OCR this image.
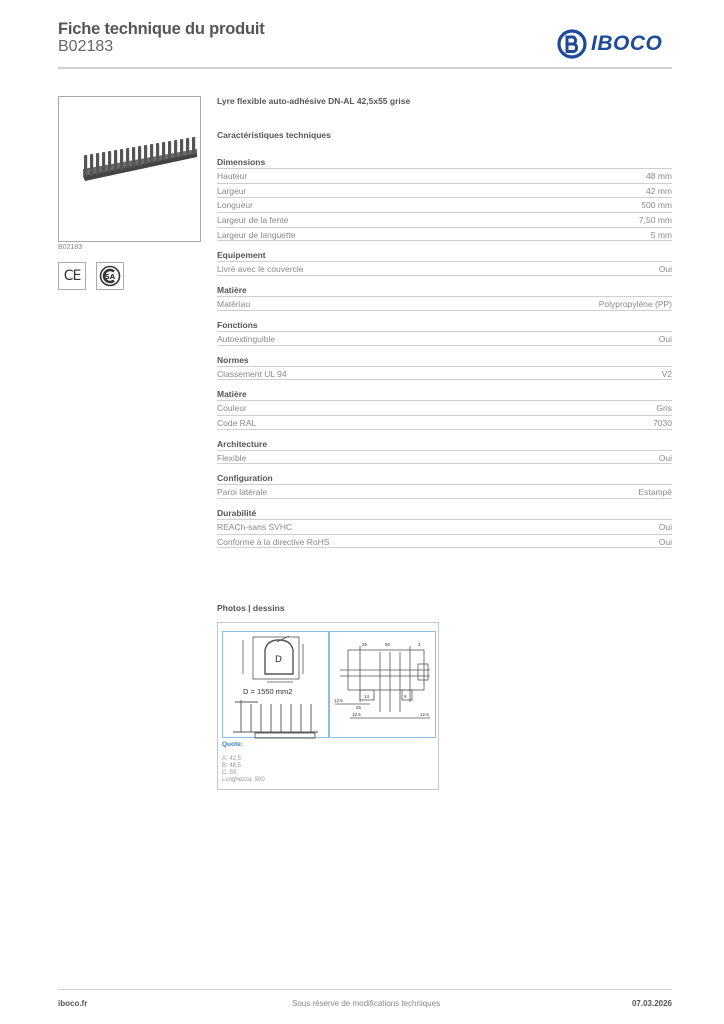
Fiche technique du produit
B02183	IBOCO
B02183
CE	SA
Lyre flexible auto-adhésive DN-AL 42,5x55 grise
Caractéristiques techniques
Dimensions
Hauteur	48 mm
Largeur	42 mm
Longueur	500 mm
Largeur de la fente	7,50 mm
Largeur de languette	5 mm
Equipement
Livré avec le couvercle	Oui
Matière
Matériau	Polypropylène (PP)
Fonctions
Autoextinguible	Oui
Normes
Classement UL 94	V2
Matière
Couleur	Gris
Code RAL	7030
Architecture
Flexible	Oui
Configuration
Paroi latérale	Estampé
Durabilité
REACh-sans SVHC	Oui
Conforme à la directive RoHS	Oui
Photos | dessins
D
D = 1550 mm2
25	50	3
12.5
25
14	6
12.5	12.5
Quote:
A: 42,5
B: 48,5
C: 55
Lunghezza: 500
iboco.fr	Sous réserve de modifications techniques	07.03.2026
